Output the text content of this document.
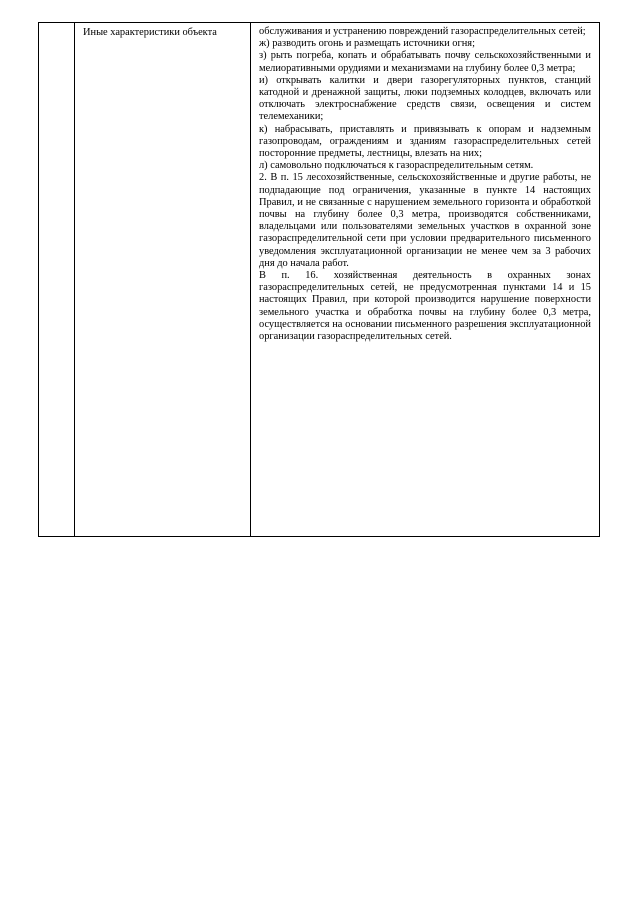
Иные характеристики объекта	обслуживания и устранению повреждений газораспределительных сетей;

ж) разводить огонь и размещать источники огня;

з) рыть погреба, копать и обрабатывать почву сельскохозяйственными и мелиоративными орудиями и механизмами на глубину более 0,3 метра;

и) открывать калитки и двери газорегуляторных пунктов, станций катодной и дренажной защиты, люки подземных колодцев, включать или отключать электроснабжение средств связи, освещения и систем телемеханики;

к) набрасывать, приставлять и привязывать к опорам и надземным газопроводам, ограждениям и зданиям газораспределительных сетей посторонние предметы, лестницы, влезать на них;

л) самовольно подключаться к газораспределительным сетям.

2. В п. 15 лесохозяйственные, сельскохозяйственные и другие работы, не подпадающие под ограничения, указанные в пункте 14 настоящих Правил, и не связанные с нарушением земельного горизонта и обработкой почвы на глубину более 0,3 метра, производятся собственниками, владельцами или пользователями земельных участков в охранной зоне газораспределительной сети при условии предварительного письменного уведомления эксплуатационной организации не менее чем за 3 рабочих дня до начала работ.

В п. 16. хозяйственная деятельность в охранных зонах газораспределительных сетей, не предусмотренная пунктами 14 и 15 настоящих Правил, при которой производится нарушение поверхности земельного участка и обработка почвы на глубину более 0,3 метра, осуществляется на основании письменного разрешения эксплуатационной организации газораспределительных сетей.
